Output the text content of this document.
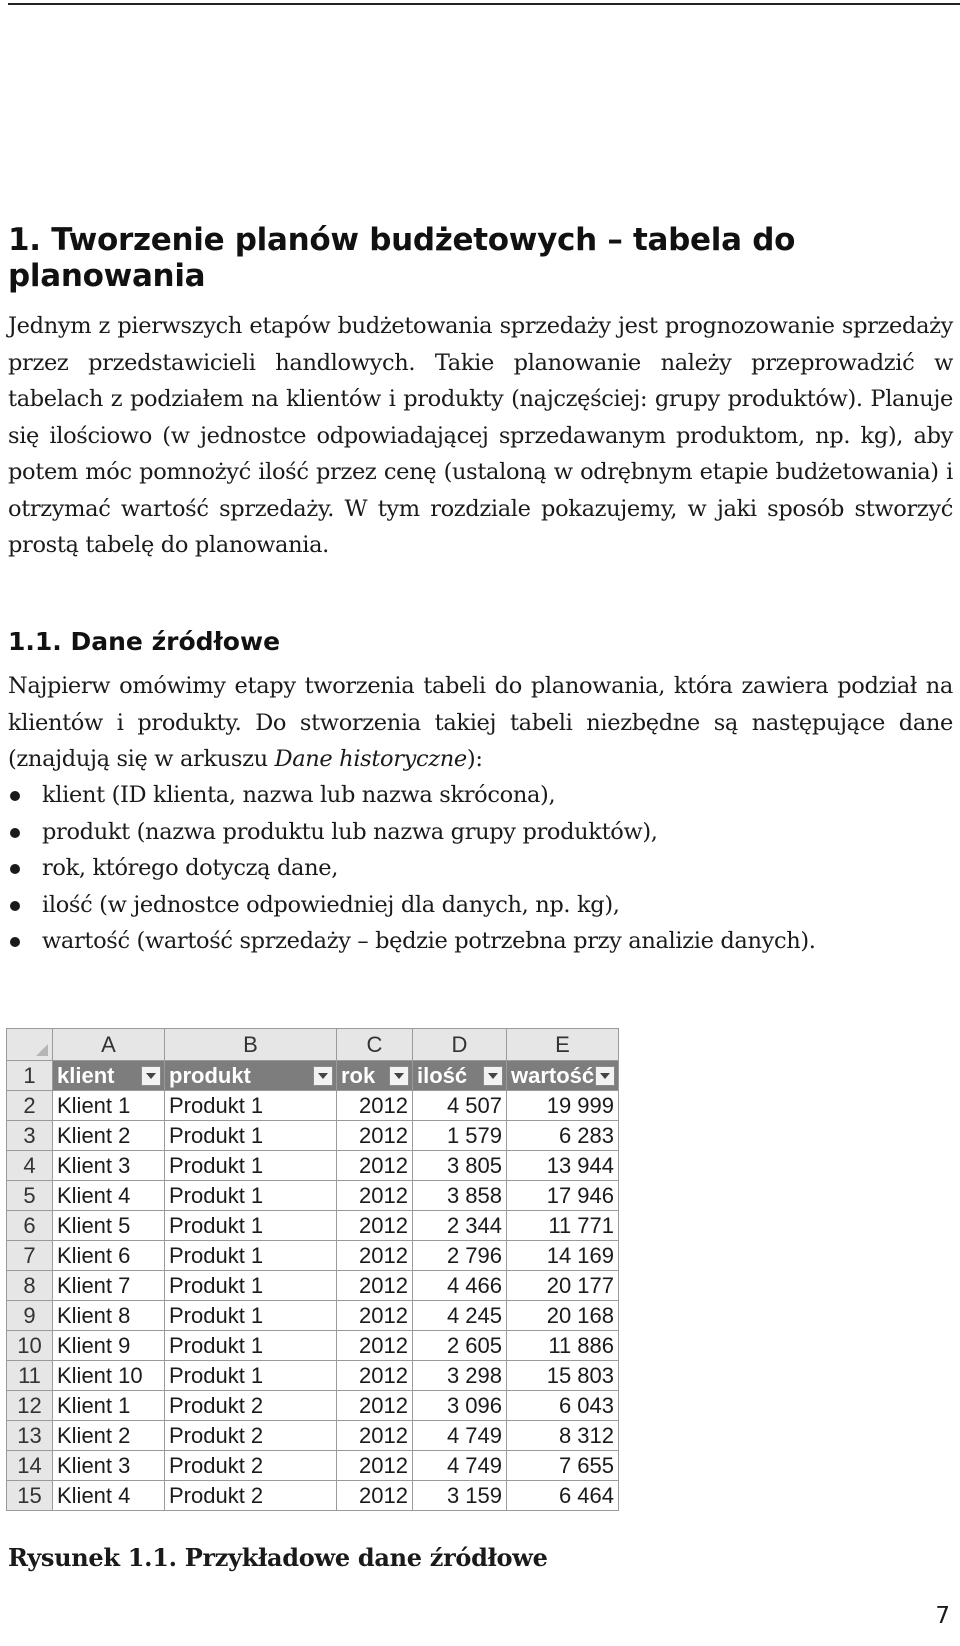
1. Tworzenie planów budżetowych – tabela do planowania

Jednym z pierwszych etapów budżetowania sprzedaży jest prognozowanie sprzedaży przez przedstawicieli handlowych. Takie planowanie należy przeprowadzić w tabelach z podziałem na klientów i produkty (najczęściej: grupy produktów). Planuje się ilościowo (w jednostce odpowiadającej sprzedawanym produktom, np. kg), aby potem móc pomnożyć ilość przez cenę (ustaloną w odrębnym etapie budżetowania) i otrzymać wartość sprzedaży. W tym rozdziale pokazujemy, w jaki sposób stworzyć prostą tabelę do planowania.

1.1. Dane źródłowe

Najpierw omówimy etapy tworzenia tabeli do planowania, która zawiera podział na klientów i produkty. Do stworzenia takiej tabeli niezbędne są następujące dane (znajdują się w arkuszu Dane historyczne):

klient (ID klienta, nazwa lub nazwa skrócona),
produkt (nazwa produktu lub nazwa grupy produktów),
rok, którego dotyczą dane,
ilość (w jednostce odpowiedniej dla danych, np. kg),
wartość (wartość sprzedaży – będzie potrzebna przy analizie danych).
	A	B	C	D	E
1	klient	produkt	rok	ilość	wartość

2	Klient 1	Produkt 1	2012	4 507	19 999
3	Klient 2	Produkt 1	2012	1 579	6 283
4	Klient 3	Produkt 1	2012	3 805	13 944
5	Klient 4	Produkt 1	2012	3 858	17 946
6	Klient 5	Produkt 1	2012	2 344	11 771
7	Klient 6	Produkt 1	2012	2 796	14 169
8	Klient 7	Produkt 1	2012	4 466	20 177
9	Klient 8	Produkt 1	2012	4 245	20 168
10	Klient 9	Produkt 1	2012	2 605	11 886
11	Klient 10	Produkt 1	2012	3 298	15 803
12	Klient 1	Produkt 2	2012	3 096	6 043
13	Klient 2	Produkt 2	2012	4 749	8 312
14	Klient 3	Produkt 2	2012	4 749	7 655
15	Klient 4	Produkt 2	2012	3 159	6 464

Rysunek 1.1. Przykładowe dane źródłowe

7
